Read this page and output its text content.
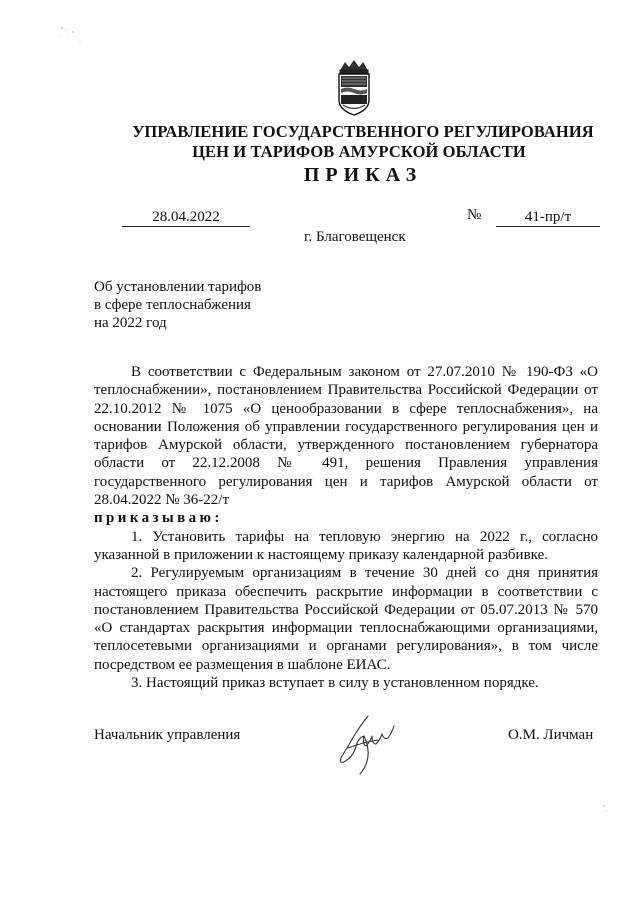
УПРАВЛЕНИЕ ГОСУДАРСТВЕННОГО РЕГУЛИРОВАНИЯ
ЦЕН И ТАРИФОВ АМУРСКОЙ ОБЛАСТИ
ПРИКАЗ
28.04.2022	№	41-пр/т
г. Благовещенск
Об установлении тарифов
в сфере теплоснабжения
на 2022 год

В соответствии с Федеральным законом от 27.07.2010 № 190-ФЗ «О теплоснабжении», постановлением Правительства Российской Федерации от 22.10.2012 № 1075 «О ценообразовании в сфере теплоснабжения», на основании Положения об управлении государственного регулирования цен и тарифов Амурской области, утвержденного постановлением губернатора области от 22.12.2008 № 491, решения Правления управления государственного регулирования цен и тарифов Амурской области от 28.04.2022 № 36-22/т

приказываю:

1. Установить тарифы на тепловую энергию на 2022 г., согласно указанной в приложении к настоящему приказу календарной разбивке.

2. Регулируемым организациям в течение 30 дней со дня принятия настоящего приказа обеспечить раскрытие информации в соответствии с постановлением Правительства Российской Федерации от 05.07.2013 № 570 «О стандартах раскрытия информации теплоснабжающими организациями, теплосетевыми организациями и органами регулирования», в том числе посредством ее размещения в шаблоне ЕИАС.

3. Настоящий приказ вступает в силу в установленном порядке.

Начальник управления	О.М. Личман
